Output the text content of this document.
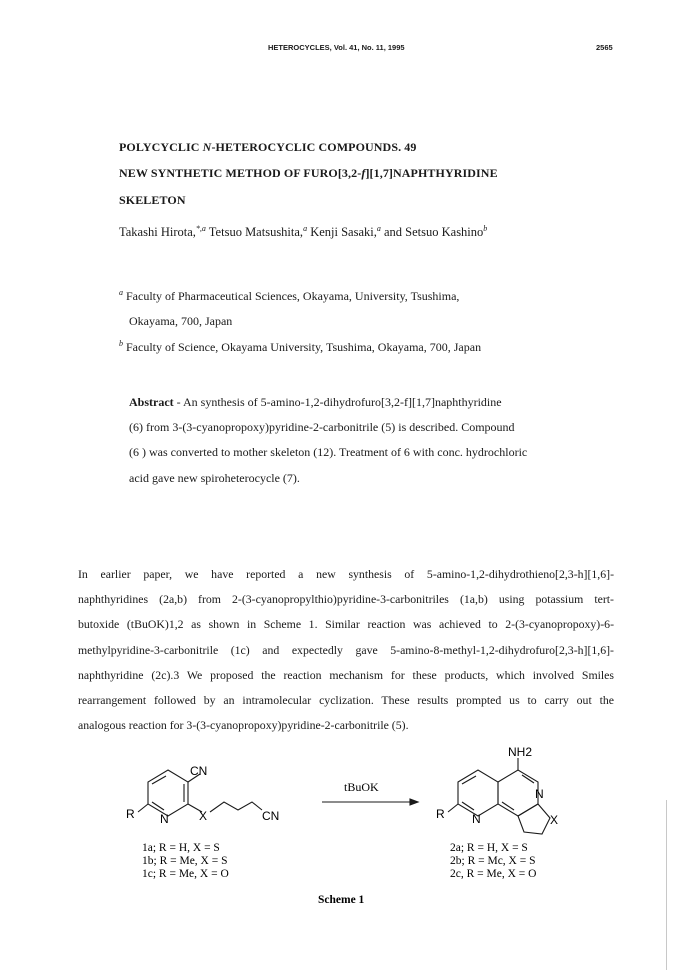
HETEROCYCLES, Vol. 41, No. 11, 1995	2565
POLYCYCLIC N-HETEROCYCLIC COMPOUNDS. 49
NEW SYNTHETIC METHOD OF FURO[3,2-f][1,7]NAPHTHYRIDINE
SKELETON
Takashi Hirota,$^{*,a}$ Tetsuo Matsushita,$^a$ Kenji Sasaki,$^a$ and Setsuo Kashino$^b$
$^a$ Faculty of Pharmaceutical Sciences, Okayama, University, Tsushima,
Okayama, 700, Japan
$^b$ Faculty of Science, Okayama University, Tsushima, Okayama, 700, Japan
Abstract - An synthesis of 5-amino-1,2-dihydrofuro[3,2-f][1,7]naphthyridine
(6) from 3-(3-cyanopropoxy)pyridine-2-carbonitrile (5) is described. Compound
(6 ) was converted to mother skeleton (12). Treatment of 6 with conc. hydrochloric
acid gave new spiroheterocycle (7).
In earlier paper, we have reported a new synthesis of 5-amino-1,2-dihydrothieno[2,3-h][1,6]-
naphthyridines (2a,b) from 2-(3-cyanopropylthio)pyridine-3-carbonitriles (1a,b) using potassium tert-
butoxide (tBuOK)1,2 as shown in Scheme 1. Similar reaction was achieved to 2-(3-cyanopropoxy)-6-
methylpyridine-3-carbonitrile (1c) and expectedly gave 5-amino-8-methyl-1,2-dihydrofuro[2,3-h][1,6]-
naphthyridine (2c).3 We proposed the reaction mechanism for these products, which involved Smiles
rearrangement followed by an intramolecular cyclization. These results prompted us to carry out the
analogous reaction for 3-(3-cyanopropoxy)pyridine-2-carbonitrile (5).
CN
R N	X	CN
tBuOK
NH2
N
R N	X
1a; R = H, X = S
1b; R = Me, X = S
1c; R = Me, X = O
2a; R = H, X = S
2b; R = Mc, X = S
2c, R = Me, X = O
Scheme 1
